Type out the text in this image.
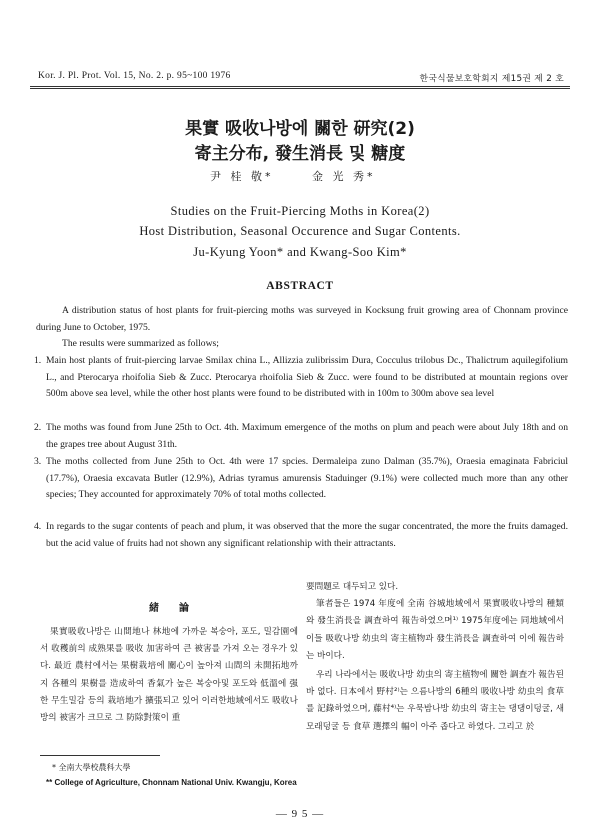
Kor. J. Pl. Prot. Vol. 15, No. 2. p. 95~100 1976	한국식물보호학회지 제15권 제 2 호
果實 吸收나방에 關한 研究(2)
寄主分布, 發生消長 및 糖度
尹 桂 敬*	金 光 秀*
Studies on the Fruit-Piercing Moths in Korea(2)
Host Distribution, Seasonal Occurence and Sugar Contents.
Ju-Kyung Yoon* and Kwang-Soo Kim*
ABSTRACT
A distribution status of host plants for fruit-piercing moths was surveyed in Kocksung fruit growing area of Chonnam province during June to October, 1975.
The results were summarized as follows;
1. Main host plants of fruit-piercing larvae Smilax china L., Allizzia zulibrissim Dura, Cocculus trilobus Dc., Thalictrum aquilegifolium L., and Pterocarya rhoifolia Sieb & Zucc. Pterocarya rhoifolia Sieb & Zucc. were found to be distributed at mountain regions over 500m above sea level, while the other host plants were found to be distributed with in 100m to 300m above sea level
2. The moths was found from June 25th to Oct. 4th. Maximum emergence of the moths on plum and peach were about July 18th and on the grapes tree about August 31th.
3. The moths collected from June 25th to Oct. 4th were 17 spcies. Dermaleipa zuno Dalman (35.7%), Oraesia emaginata Fabriciul (17.7%), Oraesia excavata Butler (12.9%), Adrias tyramus amurensis Staduinger (9.1%) were collected much more than any other species; They accounted for approximately 70% of total moths collected.
4. In regards to the sugar contents of peach and plum, it was observed that the more the sugar concentrated, the more the fruits damaged. but the acid value of fruits had not shown any significant relationship with their attractants.
緒　　論

果實吸收나방은 山間地나 林地에 가까운 복숭아, 포도, 밀감園에서 收穫前의 成熟果를 吸收 加害하여 큰 被害를 가져 오는 경우가 있다. 最近 農村에서는 果樹栽培에 關心이 높아져 山間의 未開拓地까지 各種의 果樹를 造成하여 香氣가 높은 복숭아및 포도와 低溫에 强한 무生밀감 등의 栽培地가 擴張되고 있어 이러한地域에서도 吸收나방의 被害가 크므로 그 防除對策이 重

要問題로 대두되고 있다.

筆者들은 1974 年度에 全南 谷城地域에서 果實吸收나방의 種類와 發生消長을 調査하여 報告하였으며¹⁾ 1975年度에는 同地域에서 이들 吸收나방 幼虫의 寄主植物과 發生消長을 調査하여 이에 報告하는 바이다.

우리 나라에서는 吸收나방 幼虫의 寄主植物에 關한 調査가 報告된바 없다. 日本에서 野村²⁾는 으름나방의 6種의 吸收나방 幼虫의 食草를 記錄하였으며, 藤村⁴⁾는 우묵밤나방 幼虫의 寄主는 댕댕이덩굴, 새모래덩굴 등 食草 選擇의 幅이 아주 좁다고 하였다. 그리고 於

* 全南大學校農科大學
** College of Agriculture, Chonnam National Univ. Kwangju, Korea
— 9 5 —
